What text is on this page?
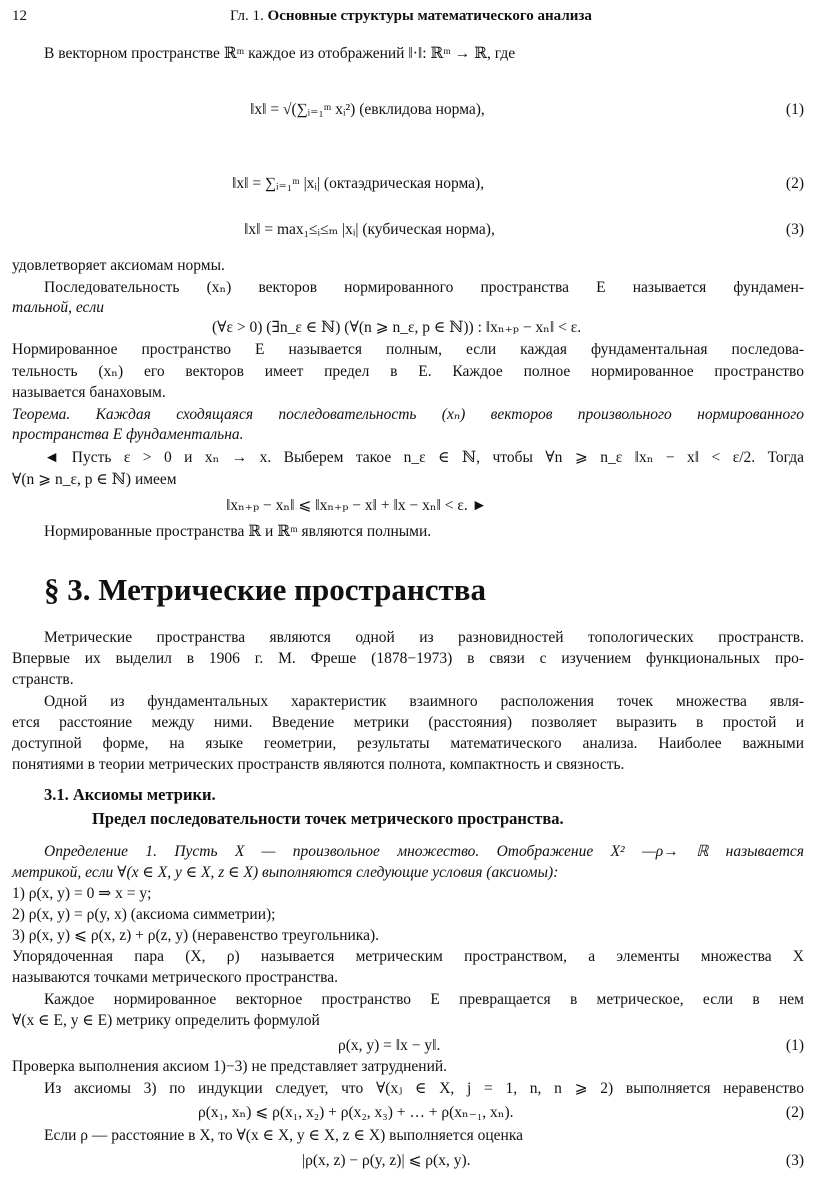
12	Гл. 1. Основные структуры математического анализа
В векторном пространстве ℝᵐ каждое из отображений ‖·‖: ℝᵐ → ℝ, где
‖x‖ = √(∑ᵢ₌₁ᵐ xᵢ²) (евклидова норма),	(1)
‖x‖ = ∑ᵢ₌₁ᵐ |xᵢ| (октаэдрическая норма),	(2)
‖x‖ = max₁≤ᵢ≤ₘ |xᵢ| (кубическая норма),	(3)
удовлетворяет аксиомам нормы.
Последовательность (xₙ) векторов нормированного пространства E называется фундамен-
тальной, если
(∀ε > 0) (∃n_ε ∈ ℕ) (∀(n ⩾ n_ε, p ∈ ℕ)) : ‖xₙ₊ₚ − xₙ‖ < ε.
Нормированное пространство E называется полным, если каждая фундаментальная последова-
тельность (xₙ) его векторов имеет предел в E. Каждое полное нормированное пространство
называется банаховым.
Теорема. Каждая сходящаяся последовательность (xₙ) векторов произвольного нормированного
пространства E фундаментальна.
◄ Пусть ε > 0 и xₙ → x. Выберем такое n_ε ∈ ℕ, чтобы ∀n ⩾ n_ε ‖xₙ − x‖ < ε/2. Тогда
∀(n ⩾ n_ε, p ∈ ℕ) имеем
‖xₙ₊ₚ − xₙ‖ ⩽ ‖xₙ₊ₚ − x‖ + ‖x − xₙ‖ < ε. ►
Нормированные пространства ℝ и ℝᵐ являются полными.
§ 3. Метрические пространства
Метрические пространства являются одной из разновидностей топологических пространств.
Впервые их выделил в 1906 г. М. Фреше (1878−1973) в связи с изучением функциональных про-
странств.
Одной из фундаментальных характеристик взаимного расположения точек множества явля-
ется расстояние между ними. Введение метрики (расстояния) позволяет выразить в простой и
доступной форме, на языке геометрии, результаты математического анализа. Наиболее важными
понятиями в теории метрических пространств являются полнота, компактность и связность.
3.1. Аксиомы метрики.
Предел последовательности точек метрического пространства.
Определение 1. Пусть X — произвольное множество. Отображение X² —ρ→ ℝ называется
метрикой, если ∀(x ∈ X, y ∈ X, z ∈ X) выполняются следующие условия (аксиомы):
1) ρ(x, y) = 0 ⇒ x = y;
2) ρ(x, y) = ρ(y, x) (аксиома симметрии);
3) ρ(x, y) ⩽ ρ(x, z) + ρ(z, y) (неравенство треугольника).
Упорядоченная пара (X, ρ) называется метрическим пространством, а элементы множества X
называются точками метрического пространства.
Каждое нормированное векторное пространство E превращается в метрическое, если в нем
∀(x ∈ E, y ∈ E) метрику определить формулой
ρ(x, y) = ‖x − y‖.	(1)
Проверка выполнения аксиом 1)−3) не представляет затруднений.
Из аксиомы 3) по индукции следует, что ∀(xⱼ ∈ X, j = 1, n, n ⩾ 2) выполняется неравенство
ρ(x₁, xₙ) ⩽ ρ(x₁, x₂) + ρ(x₂, x₃) + … + ρ(xₙ₋₁, xₙ).	(2)
Если ρ — расстояние в X, то ∀(x ∈ X, y ∈ X, z ∈ X) выполняется оценка
|ρ(x, z) − ρ(y, z)| ⩽ ρ(x, y).	(3)
